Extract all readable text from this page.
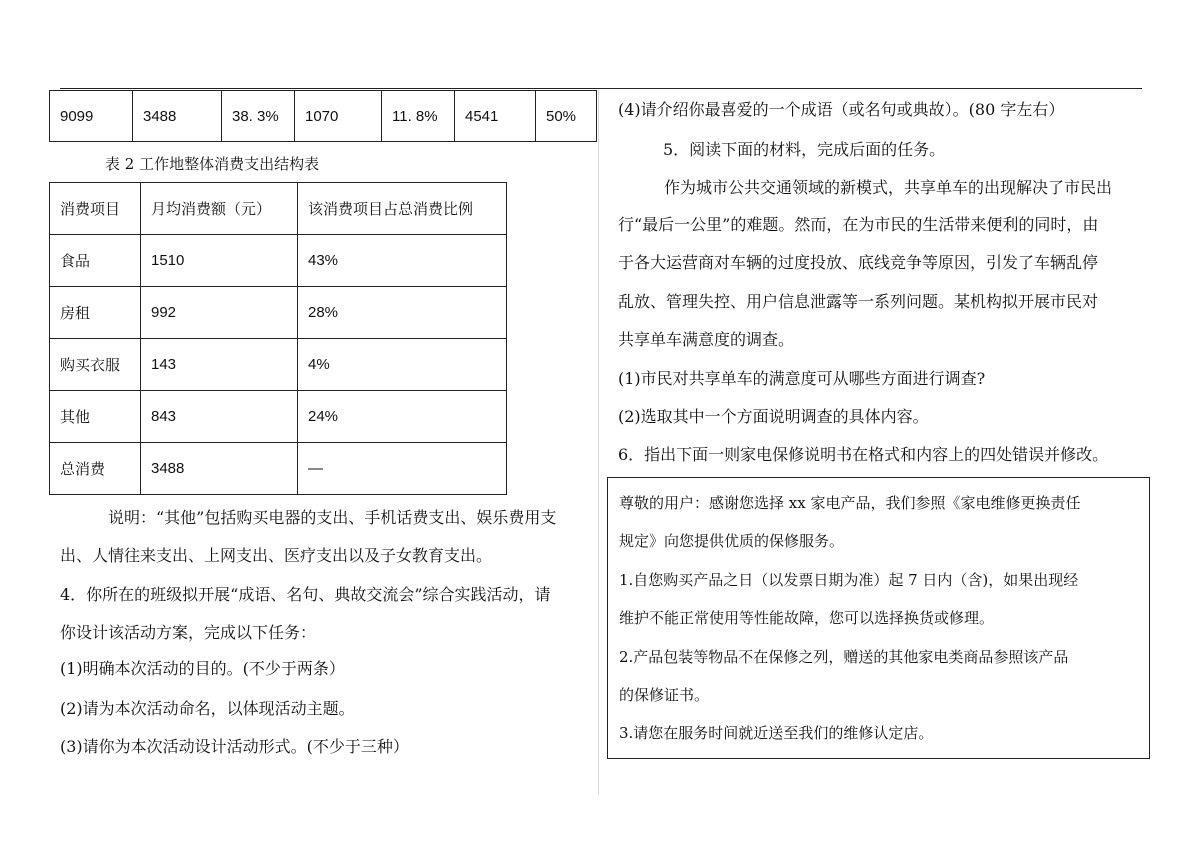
9099	3488	38. 3%	1070	11. 8%	4541	50%
表 2 工作地整体消费支出结构表
消费项目	月均消费额（元）	该消费项目占总消费比例
食品	1510	43%
房租	992	28%
购买衣服	143	4%
其他	843	24%
总消费	3488	—
说明：“其他”包括购买电器的支出、手机话费支出、娱乐费用支
出、人情往来支出、上网支出、医疗支出以及子女教育支出。
4．你所在的班级拟开展“成语、名句、典故交流会”综合实践活动，请
你设计该活动方案，完成以下任务：
(1)明确本次活动的目的。(不少于两条）
(2)请为本次活动命名，以体现活动主题。
(3)请你为本次活动设计活动形式。(不少于三种）
(4)请介绍你最喜爱的一个成语（或名句或典故）。(80 字左右）
5．阅读下面的材料，完成后面的任务。
作为城市公共交通领域的新模式，共享单车的出现解决了市民出
行“最后一公里”的难题。然而，在为市民的生活带来便利的同时，由
于各大运营商对车辆的过度投放、底线竞争等原因，引发了车辆乱停
乱放、管理失控、用户信息泄露等一系列问题。某机构拟开展市民对
共享单车满意度的调查。
(1)市民对共享单车的满意度可从哪些方面进行调查?
(2)选取其中一个方面说明调查的具体内容。
6．指出下面一则家电保修说明书在格式和内容上的四处错误并修改。
尊敬的用户：感谢您选择 xx 家电产品，我们参照《家电维修更换责任
规定》向您提供优质的保修服务。
1.自您购买产品之日（以发票日期为准）起 7 日内（含)，如果出现经
维护不能正常使用等性能故障，您可以选择换货或修理。
2.产品包装等物品不在保修之列，赠送的其他家电类商品参照该产品
的保修证书。
3.请您在服务时间就近送至我们的维修认定店。
